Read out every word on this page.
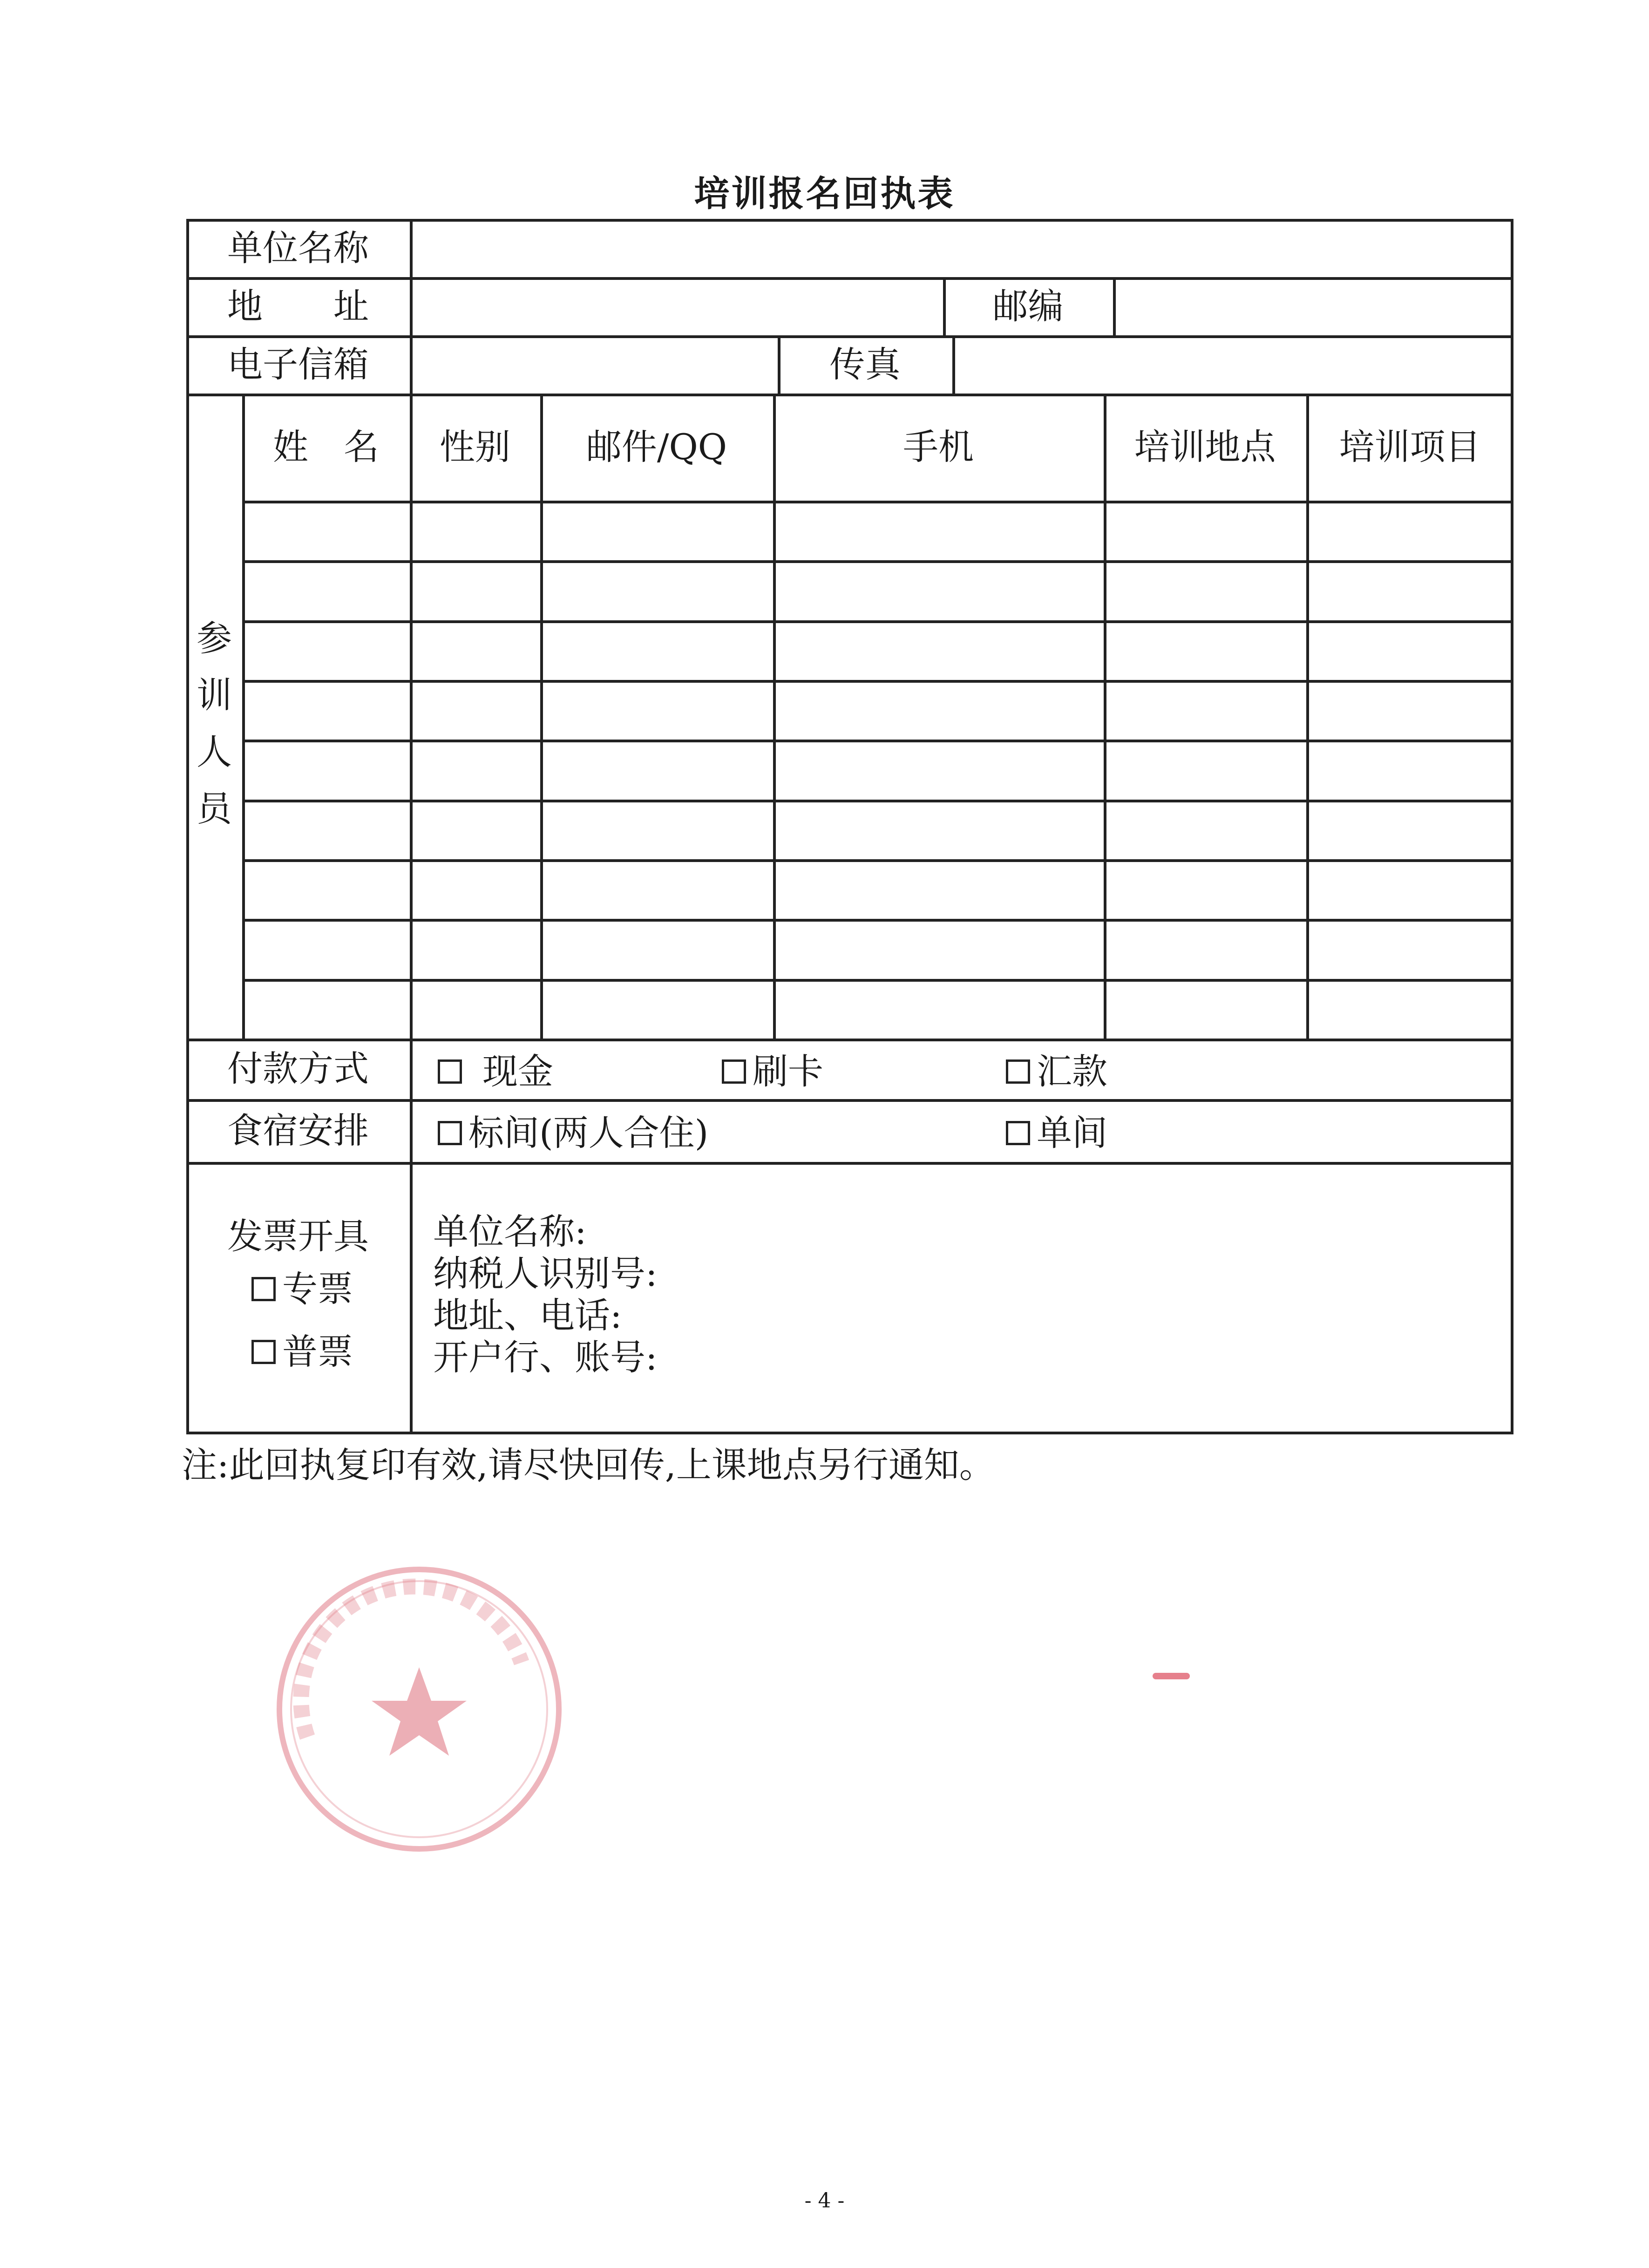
培训报名回执表
单位名称
地　　址	邮编
电子信箱	传真
参
训
人
员
姓　名	性别	邮件/QQ	手机	培训地点	培训项目
付款方式	现金	刷卡	汇款
食宿安排	标间(两人合住)	单间
发票开具
专票
普票
单位名称:
纳税人识别号:
地址、电话:
开户行、账号:
注:此回执复印有效,请尽快回传,上课地点另行通知。
- 4 -
